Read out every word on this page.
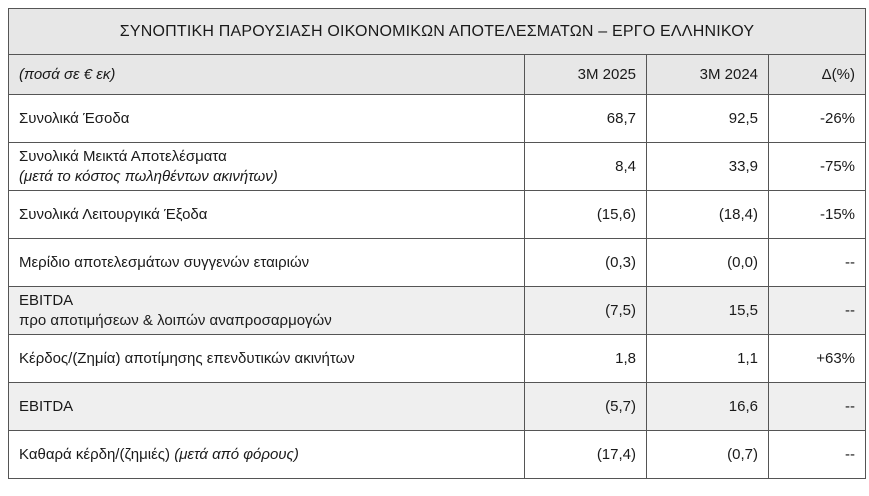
ΣΥΝΟΠΤΙΚΗ ΠΑΡΟΥΣΙΑΣΗ ΟΙΚΟΝΟΜΙΚΩΝ ΑΠΟΤΕΛΕΣΜΑΤΩΝ – ΕΡΓΟ ΕΛΛΗΝΙΚΟΥ			
(ποσά σε € εκ)	3Μ 2025	3Μ 2024	Δ(%)
Συνολικά Έσοδα	68,7	92,5	-26%
Συνολικά Μεικτά Αποτελέσματα
(μετά το κόστος πωληθέντων ακινήτων)	8,4	33,9	-75%
Συνολικά Λειτουργικά Έξοδα	(15,6)	(18,4)	-15%
Μερίδιο αποτελεσμάτων συγγενών εταιριών	(0,3)	(0,0)	--
EBITDA
προ αποτιμήσεων & λοιπών αναπροσαρμογών	(7,5)	15,5	--
Κέρδος/(Ζημία) αποτίμησης επενδυτικών ακινήτων	1,8	1,1	+63%
EBITDA	(5,7)	16,6	--
Καθαρά κέρδη/(ζημιές) (μετά από φόρους)	(17,4)	(0,7)	--
